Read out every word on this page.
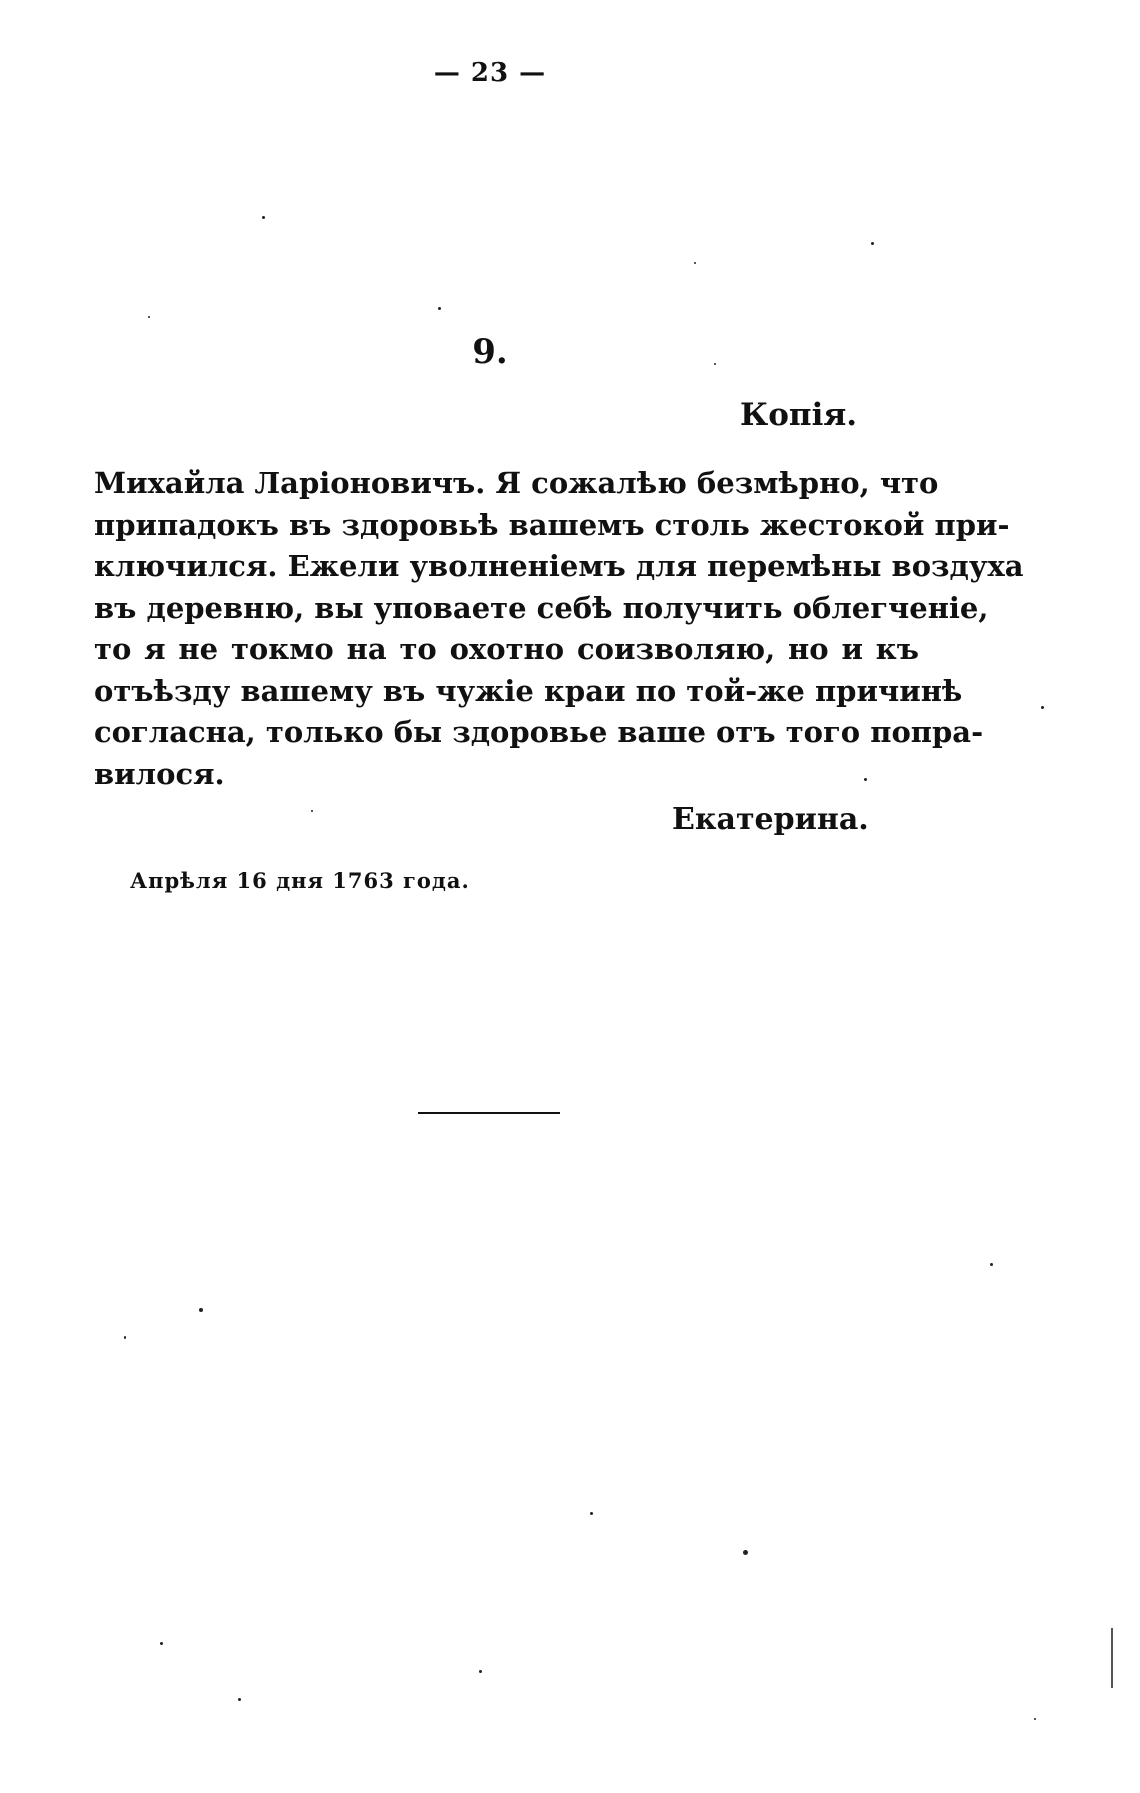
— 23 —
9.
Копія.
Михайла Ларіоновичъ. Я сожалѣю безмѣрно, что
припадокъ въ здоровьѣ вашемъ столь жестокой при-
ключился. Ежели уволненіемъ для перемѣны воздуха
въ деревню, вы уповаете себѣ получить облегченіе,
то я не токмо на то охотно соизволяю, но и къ
отъѣзду вашему въ чужіе краи по той-же причинѣ
согласна, только бы здоровье ваше отъ того попра-
вилося.
Екатерина.
Апрѣля 16 дня 1763 года.
